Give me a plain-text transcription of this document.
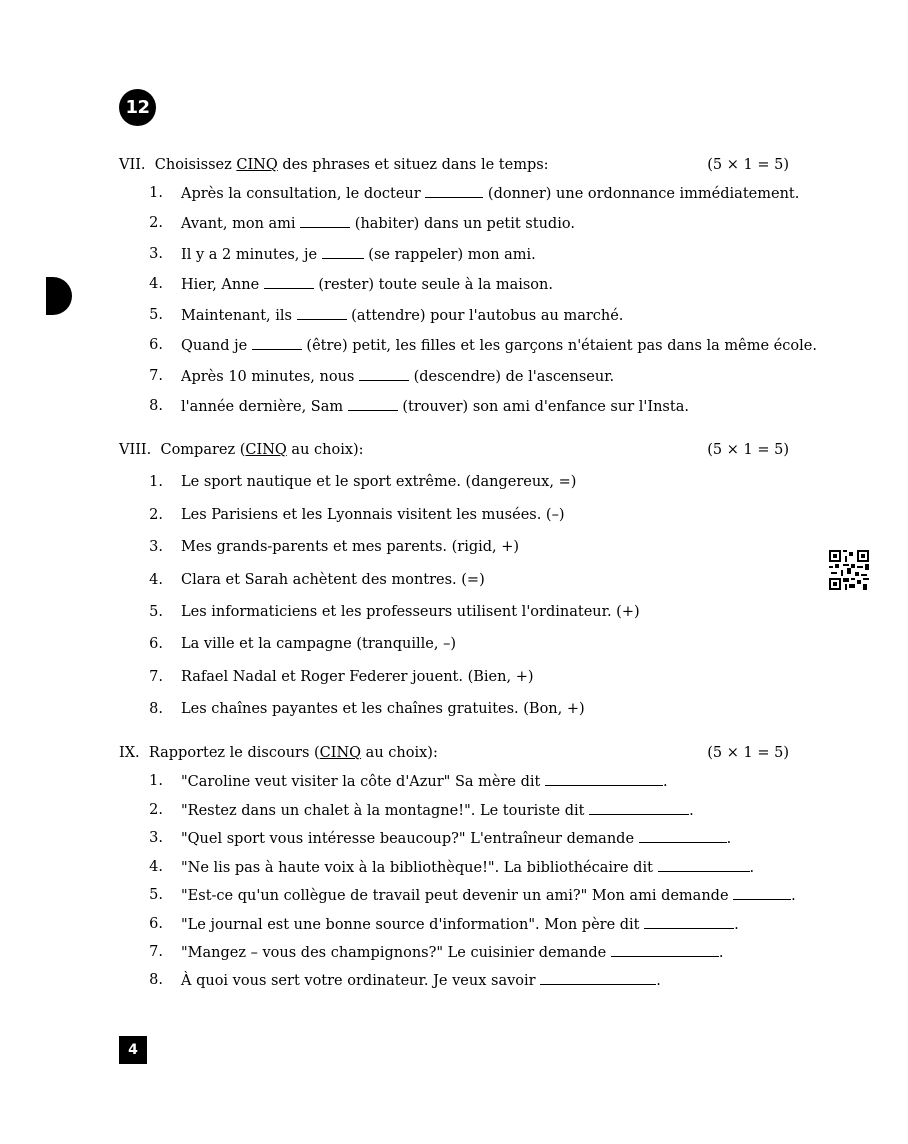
12
VII.  Choisissez CINQ des phrases et situez dans le temps:	(5 × 1 = 5)
1. Après la consultation, le docteur	(donner) une ordonnance immédiatement.
2. Avant, mon ami	(habiter) dans un petit studio.
3. Il y a 2 minutes, je	(se rappeler) mon ami.
4. Hier, Anne	(rester) toute seule à la maison.
5. Maintenant, ils	(attendre) pour l'autobus au marché.
6. Quand je	(être) petit, les filles et les garçons n'étaient pas dans la même école.
7. Après 10 minutes, nous	(descendre) de l'ascenseur.
8. l'année dernière, Sam	(trouver) son ami d'enfance sur l'Insta.
VIII.  Comparez (CINQ au choix):	(5 × 1 = 5)
1. Le sport nautique et le sport extrême. (dangereux, =)
2. Les Parisiens et les Lyonnais visitent les musées. (–)
3. Mes grands-parents et mes parents. (rigid, +)
4. Clara et Sarah achètent des montres. (=)
5. Les informaticiens et les professeurs utilisent l'ordinateur. (+)
6. La ville et la campagne (tranquille, –)
7. Rafael Nadal et Roger Federer jouent. (Bien, +)
8. Les chaînes payantes et les chaînes gratuites. (Bon, +)
IX.  Rapportez le discours (CINQ au choix):	(5 × 1 = 5)
1. "Caroline veut visiter la côte d'Azur" Sa mère dit	.
2. "Restez dans un chalet à la montagne!". Le touriste dit	.
3. "Quel sport vous intéresse beaucoup?" L'entraîneur demande	.
4. "Ne lis pas à haute voix à la bibliothèque!". La bibliothécaire dit	.
5. "Est-ce qu'un collègue de travail peut devenir un ami?" Mon ami demande	.
6. "Le journal est une bonne source d'information". Mon père dit	.
7. "Mangez – vous des champignons?" Le cuisinier demande	.
8. À quoi vous sert votre ordinateur. Je veux savoir	.
4
